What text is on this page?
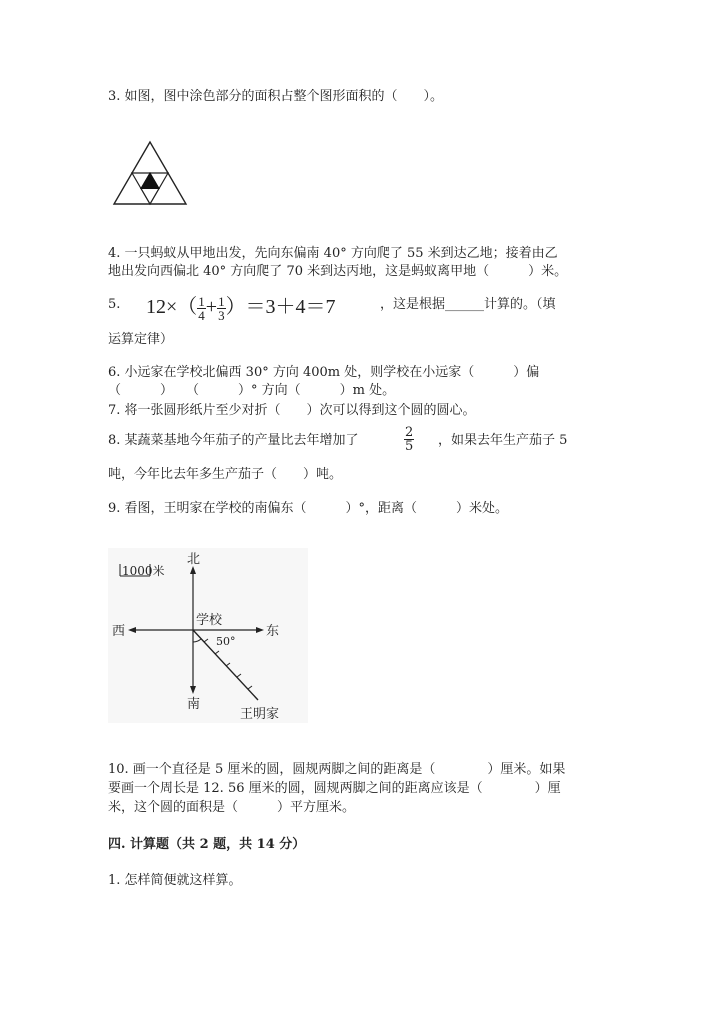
3. 如图，图中涂色部分的面积占整个图形面积的（　　）。
4. 一只蚂蚁从甲地出发，先向东偏南 40° 方向爬了 55 米到达乙地；接着由乙
地出发向西偏北 40° 方向爬了 70 米到达丙地，这是蚂蚁离甲地（　　　）米。
5. $12\times( \frac{1}{4} + \frac{1}{3} )=3+4=7$	，这是根据______计算的。（填
运算定律）
6. 小远家在学校北偏西 30° 方向 400m 处，则学校在小远家（　　　）偏
（　　　）　　（　　　）° 方向（　　　）m 处。
7. 将一张圆形纸片至少对折（　　）次可以得到这个圆的圆心。
8. 某蔬菜基地今年茄子的产量比去年增加了	$\frac{2}{5}$ ，如果去年生产茄子 5
吨，今年比去年多生产茄子（　　）吨。
9. 看图，王明家在学校的南偏东（　　　）°，距离（　　　）米处。
1000米
北
南
西	东
学校
50°
王明家
10. 画一个直径是 5 厘米的圆，圆规两脚之间的距离是（　　　　）厘米。如果
要画一个周长是 12. 56 厘米的圆，圆规两脚之间的距离应该是（　　　　）厘
米，这个圆的面积是（　　　）平方厘米。
四. 计算题（共 2 题，共 14 分）
1. 怎样简便就这样算。
